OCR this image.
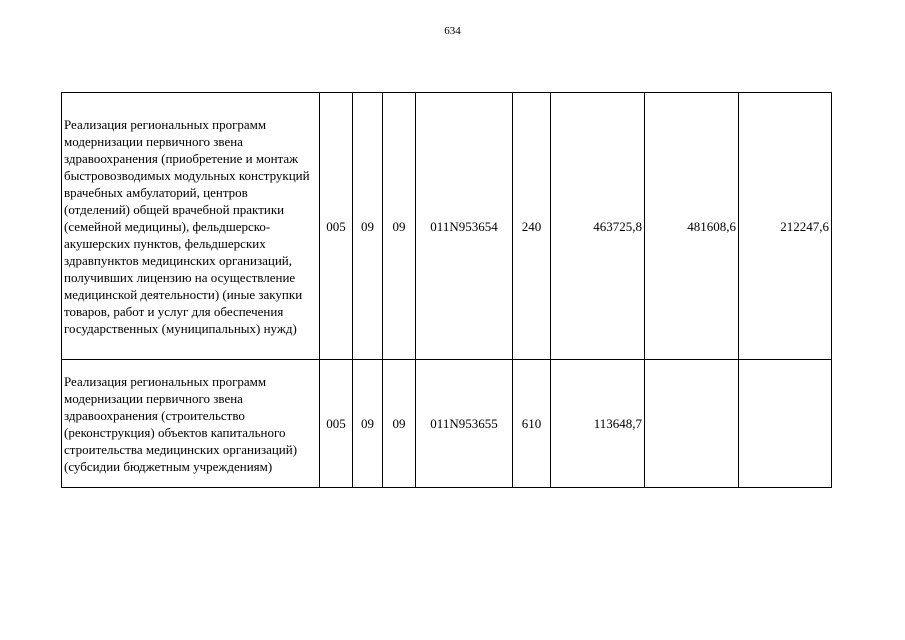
634
Реализация региональных программ модернизации первичного звена здравоохранения (приобретение и монтаж быстровозводимых модульных конструкций врачебных амбулаторий, центров (отделений) общей врачебной практики (семейной медицины), фельдшерско-акушерских пунктов, фельдшерских здравпунктов медицинских организаций, получивших лицензию на осуществление медицинской деятельности) (иные закупки товаров, работ и услуг для обеспечения государственных (муниципальных) нужд)	005	09	09	011N953654	240	463725,8	481608,6	212247,6
Реализация региональных программ модернизации первичного звена здравоохранения (строительство (реконструкция) объектов капитального строительства медицинских организаций) (субсидии бюджетным учреждениям)	005	09	09	011N953655	610	113648,7		
